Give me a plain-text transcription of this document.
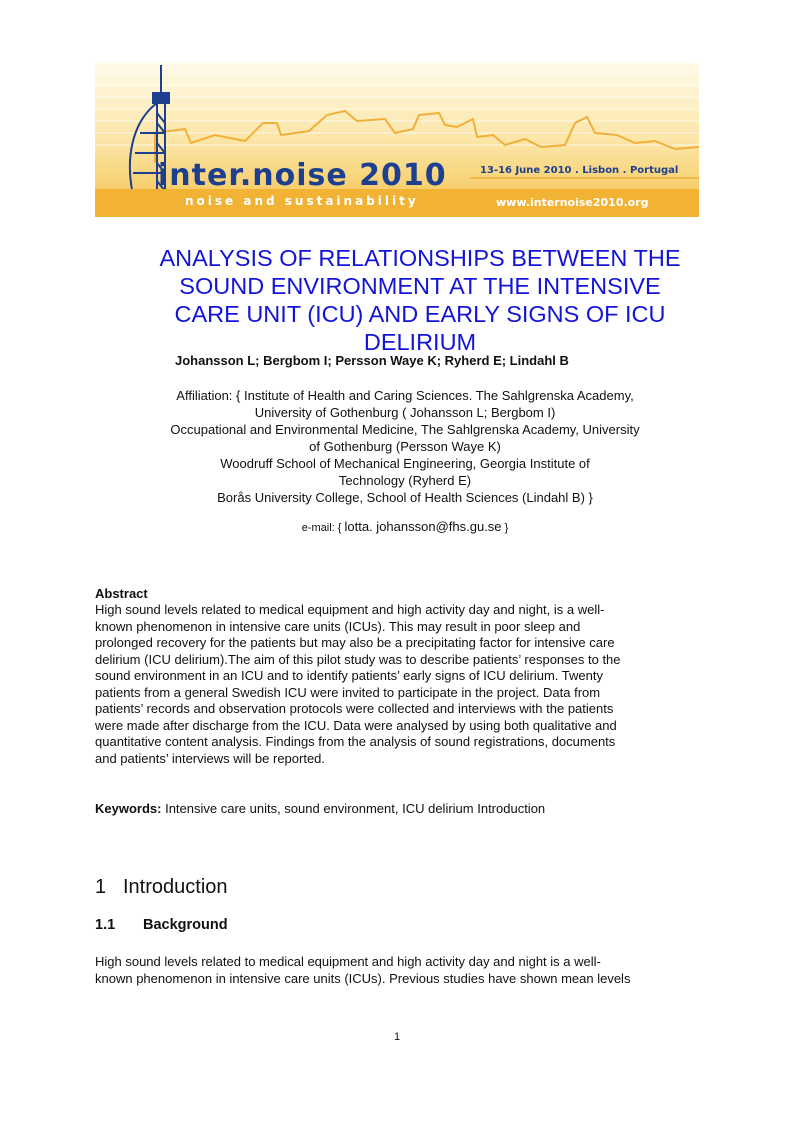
inter.noise 2010
noise and sustainability
13-16 June 2010 . Lisbon . Portugal
www.internoise2010.org
ANALYSIS OF RELATIONSHIPS BETWEEN THE
SOUND ENVIRONMENT AT THE INTENSIVE
CARE UNIT (ICU) AND EARLY SIGNS OF ICU
DELIRIUM

Johansson L; Bergbom I; Persson Waye K; Ryherd E; Lindahl B

Affiliation: { Institute of Health and Caring Sciences. The Sahlgrenska Academy,
University of Gothenburg ( Johansson L; Bergbom I)
Occupational and Environmental Medicine, The Sahlgrenska Academy, University
of Gothenburg (Persson Waye K)
Woodruff School of Mechanical Engineering, Georgia Institute of
Technology (Ryherd E)
Borås University College, School of Health Sciences (Lindahl B) }

e-mail: { lotta. johansson@fhs.gu.se }

Abstract

High sound levels related to medical equipment and high activity day and night, is a well-
known phenomenon in intensive care units (ICUs). This may result in poor sleep and
prolonged recovery for the patients but may also be a precipitating factor for intensive care
delirium (ICU delirium).The aim of this pilot study was to describe patients’ responses to the
sound environment in an ICU and to identify patients’ early signs of ICU delirium. Twenty
patients from a general Swedish ICU were invited to participate in the project. Data from
patients’ records and observation protocols were collected and interviews with the patients
were made after discharge from the ICU. Data were analysed by using both qualitative and
quantitative content analysis. Findings from the analysis of sound registrations, documents
and patients’ interviews will be reported.

Keywords: Intensive care units, sound environment, ICU delirium Introduction

1 Introduction
1.1 Background

High sound levels related to medical equipment and high activity day and night is a well-
known phenomenon in intensive care units (ICUs). Previous studies have shown mean levels

1
